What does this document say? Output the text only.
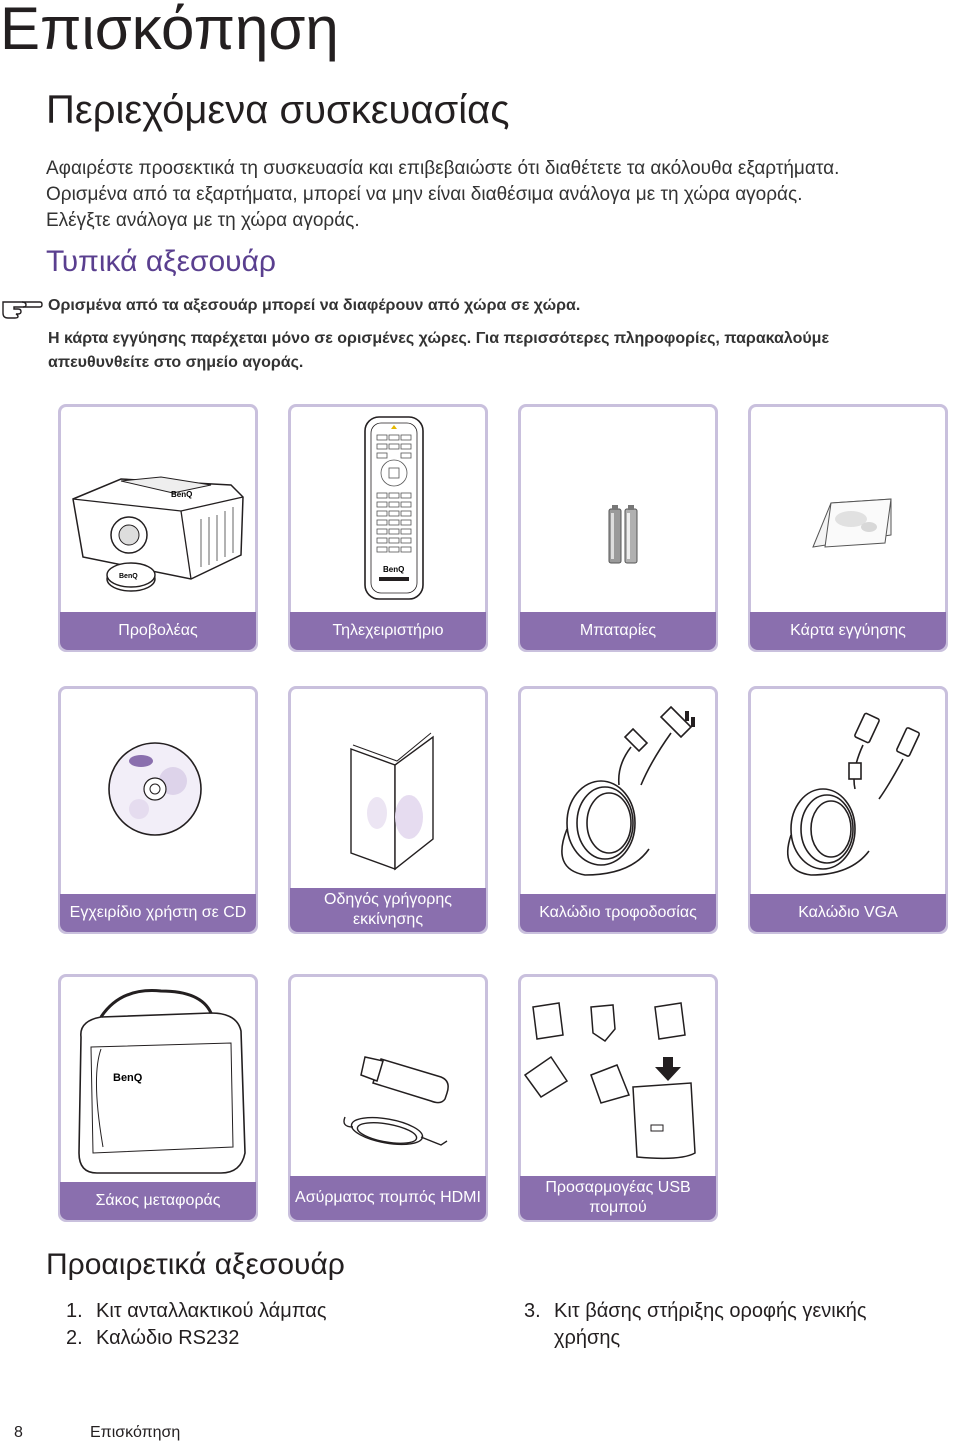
Επισκόπηση
Περιεχόμενα συσκευασίας

Αφαιρέστε προσεκτικά τη συσκευασία και επιβεβαιώστε ότι διαθέτετε τα ακόλουθα εξαρτήματα.

Ορισμένα από τα εξαρτήματα, μπορεί να μην είναι διαθέσιμα ανάλογα με τη χώρα αγοράς.

Ελέγξτε ανάλογα με τη χώρα αγοράς.

Τυπικά αξεσουάρ
Ορισμένα από τα αξεσουάρ μπορεί να διαφέρουν από χώρα σε χώρα.
Η κάρτα εγγύησης παρέχεται μόνο σε ορισμένες χώρες. Για περισσότερες πληροφορίες, παρακαλούμε
απευθυνθείτε στο σημείο αγοράς.
BenQ
BenQ
Προβολέας
BenQ
Τηλεχειριστήριο	Μπαταρίες	Κάρτα εγγύησης
Εγχειρίδιο χρήστη σε CD
Οδηγός γρήγορης εκκίνησης	Καλώδιο τροφοδοσίας	Καλώδιο VGA
BenQ
Σάκος μεταφοράς	Ασύρματος πομπός HDMI
Προσαρμογέας USB πομπού
Προαιρετικά αξεσουάρ
1. Κιτ ανταλλακτικού λάμπας
2. Καλώδιο RS232
3. Κιτ βάσης στήριξης οροφής γενικής χρήσης
8	Επισκόπηση
